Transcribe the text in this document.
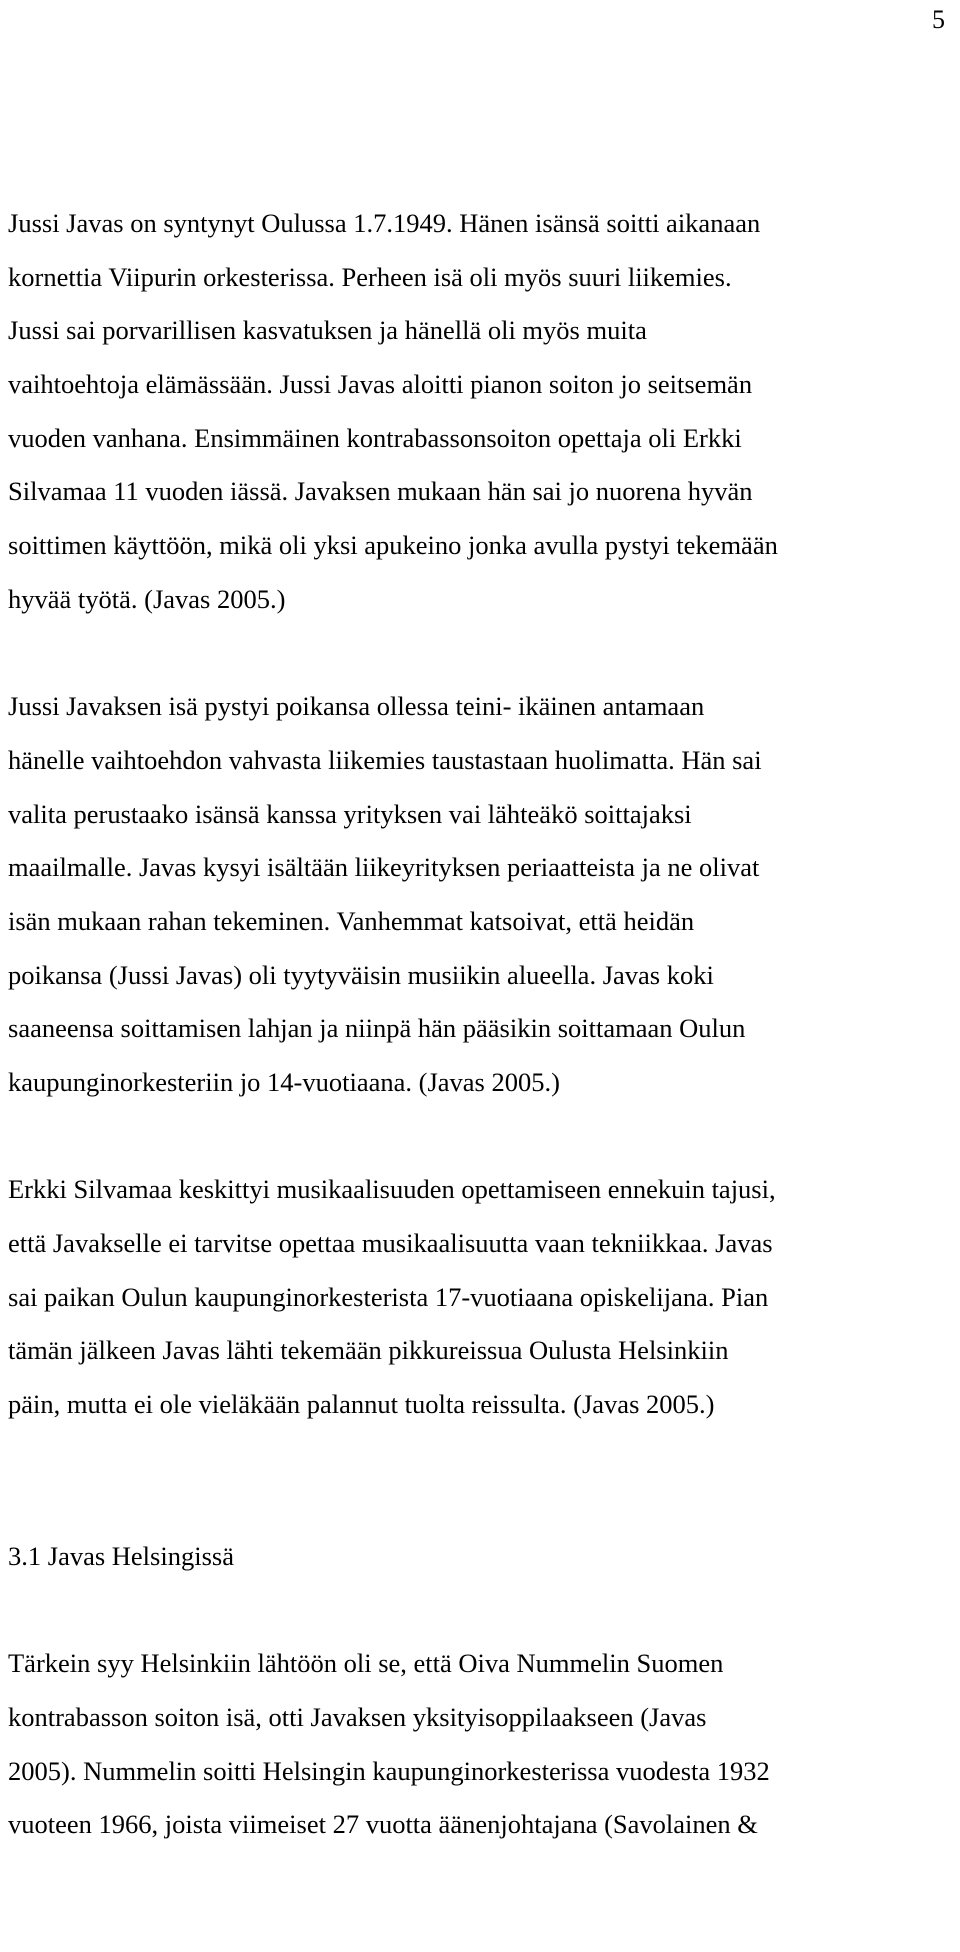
5
Jussi Javas on syntynyt Oulussa 1.7.1949. Hänen isänsä soitti aikanaan
kornettia Viipurin orkesterissa. Perheen isä oli myös suuri liikemies.
Jussi sai porvarillisen kasvatuksen ja hänellä oli myös muita
vaihtoehtoja elämässään. Jussi Javas aloitti pianon soiton jo seitsemän
vuoden vanhana. Ensimmäinen kontrabassonsoiton opettaja oli Erkki
Silvamaa 11 vuoden iässä. Javaksen mukaan hän sai jo nuorena hyvän
soittimen käyttöön, mikä oli yksi apukeino jonka avulla pystyi tekemään
hyvää työtä. (Javas 2005.)
Jussi Javaksen isä pystyi poikansa ollessa teini- ikäinen antamaan
hänelle vaihtoehdon vahvasta liikemies taustastaan huolimatta. Hän sai
valita perustaako isänsä kanssa yrityksen vai lähteäkö soittajaksi
maailmalle. Javas kysyi isältään liikeyrityksen periaatteista ja ne olivat
isän mukaan rahan tekeminen. Vanhemmat katsoivat, että heidän
poikansa (Jussi Javas) oli tyytyväisin musiikin alueella. Javas koki
saaneensa soittamisen lahjan ja niinpä hän pääsikin soittamaan Oulun
kaupunginorkesteriin jo 14-vuotiaana. (Javas 2005.)
Erkki Silvamaa keskittyi musikaalisuuden opettamiseen ennekuin tajusi,
että Javakselle ei tarvitse opettaa musikaalisuutta vaan tekniikkaa. Javas
sai paikan Oulun kaupunginorkesterista 17-vuotiaana opiskelijana. Pian
tämän jälkeen Javas lähti tekemään pikkureissua Oulusta Helsinkiin
päin, mutta ei ole vieläkään palannut tuolta reissulta. (Javas 2005.)
3.1 Javas Helsingissä
Tärkein syy Helsinkiin lähtöön oli se, että Oiva Nummelin Suomen
kontrabasson soiton isä, otti Javaksen yksityisoppilaakseen (Javas
2005). Nummelin soitti Helsingin kaupunginorkesterissa vuodesta 1932
vuoteen 1966, joista viimeiset 27 vuotta äänenjohtajana (Savolainen &
